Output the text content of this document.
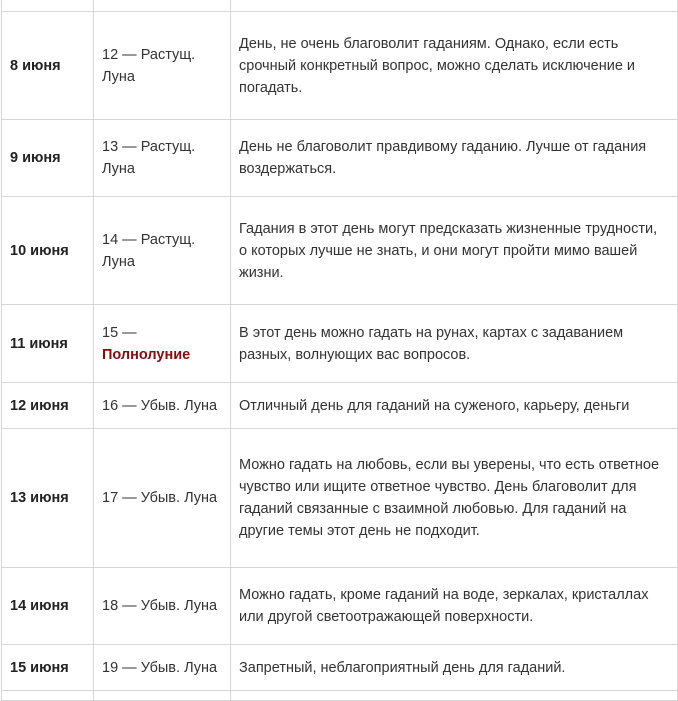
8 июня	12 — Растущ. Луна	День, не очень благоволит гаданиям. Однако, если есть срочный конкретный вопрос, можно сделать исключение и погадать.
9 июня	13 — Растущ. Луна	День не благоволит правдивому гаданию. Лучше от гадания воздержаться.
10 июня	14 — Растущ. Луна	Гадания в этот день могут предсказать жизненные трудности, о которых лучше не знать, и они могут пройти мимо вашей жизни.
11 июня	15 — Полнолуние	В этот день можно гадать на рунах, картах с задаванием разных, волнующих вас вопросов.
12 июня	16 — Убыв. Луна	Отличный день для гаданий на суженого, карьеру, деньги
13 июня	17 — Убыв. Луна	Можно гадать на любовь, если вы уверены, что есть ответное чувство или ищите ответное чувство. День благоволит для гаданий связанные с взаимной любовью. Для гаданий на другие темы этот день не подходит.
14 июня	18 — Убыв. Луна	Можно гадать, кроме гаданий на воде, зеркалах, кристаллах или другой светоотражающей поверхности.
15 июня	19 — Убыв. Луна	Запретный, неблагоприятный день для гаданий.
